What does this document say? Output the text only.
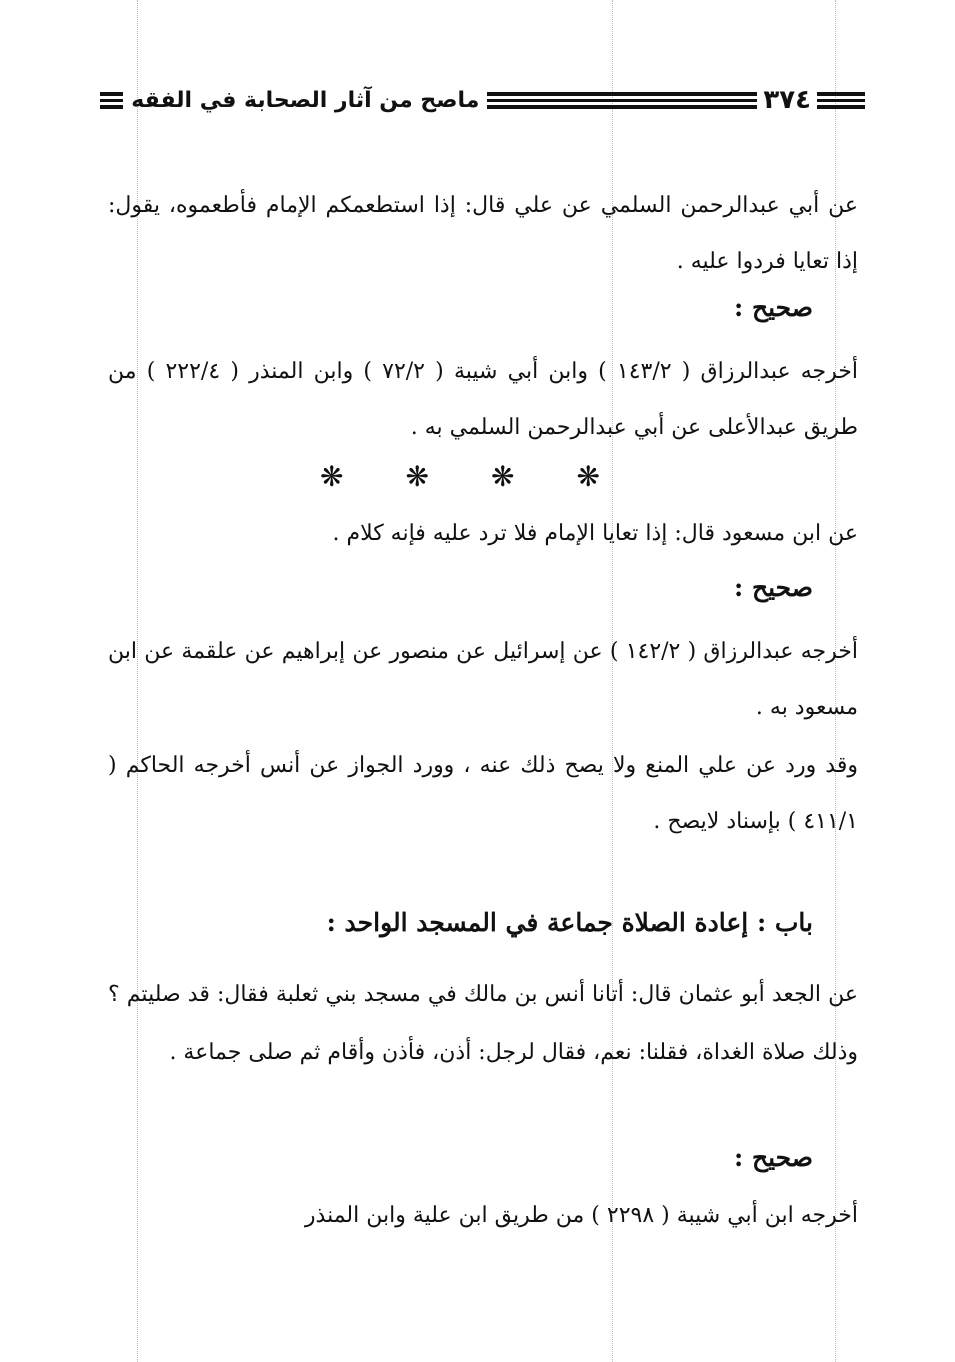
٣٧٤
ماصح من آثار الصحابة في الفقه

عن أبي عبدالرحمن السلمي عن علي قال: إذا استطعمكم الإمام فأطعموه، يقول: إذا تعايا فردوا عليه .

صحيح :

أخرجه عبدالرزاق ( ١٤٣/٢ ) وابن أبي شيبة ( ٧٢/٢ ) وابن المنذر ( ٢٢٢/٤ ) من طريق عبدالأعلى عن أبي عبدالرحمن السلمي به .

❋ ❋ ❋ ❋

عن ابن مسعود قال: إذا تعايا الإمام فلا ترد عليه فإنه كلام .

صحيح :

أخرجه عبدالرزاق ( ١٤٢/٢ ) عن إسرائيل عن منصور عن إبراهيم عن علقمة عن ابن مسعود به .

وقد ورد عن علي المنع ولا يصح ذلك عنه ، وورد الجواز عن أنس أخرجه الحاكم ( ٤١١/١ ) بإسناد لايصح .

باب : إعادة الصلاة جماعة في المسجد الواحد :

عن الجعد أبو عثمان قال: أتانا أنس بن مالك في مسجد بني ثعلبة فقال: قد صليتم ؟ وذلك صلاة الغداة، فقلنا: نعم، فقال لرجل: أذن، فأذن وأقام ثم صلى جماعة .

صحيح :

أخرجه ابن أبي شيبة ( ٢٢٩٨ ) من طريق ابن علية وابن المنذر
